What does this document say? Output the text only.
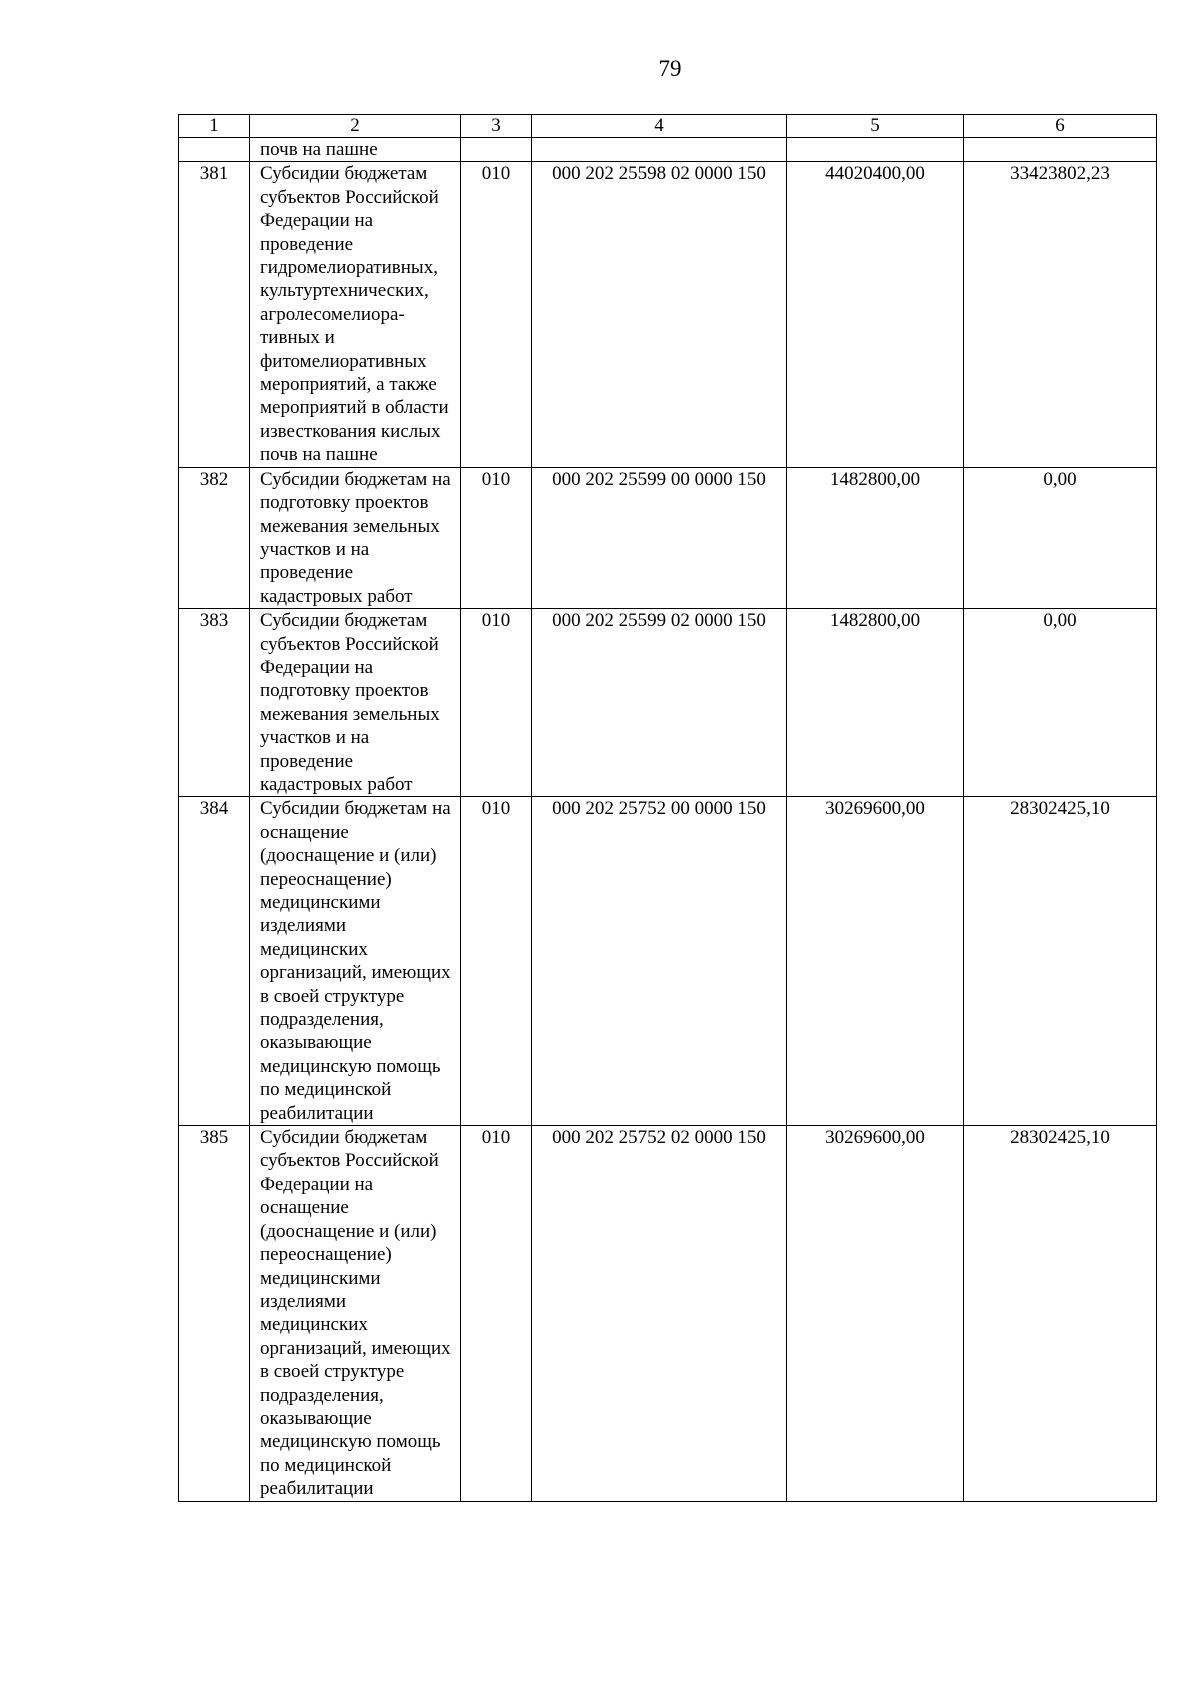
79
1	2	3	4	5	6
	почв на пашне				
381	Субсидии бюджетам субъектов Российской Федерации на проведение гидромелиоративных, культуртехнических, агролесомелиора-тивных и фитомелиоративных мероприятий, а также мероприятий в области известкования кислых почв на пашне	010	000 202 25598 02 0000 150	44020400,00	33423802,23
382	Субсидии бюджетам на подготовку проектов межевания земельных участков и на проведение кадастровых работ	010	000 202 25599 00 0000 150	1482800,00	0,00
383	Субсидии бюджетам субъектов Российской Федерации на подготовку проектов межевания земельных участков и на проведение кадастровых работ	010	000 202 25599 02 0000 150	1482800,00	0,00
384	Субсидии бюджетам на оснащение (дооснащение и (или) переоснащение) медицинскими изделиями медицинских организаций, имеющих в своей структуре подразделения, оказывающие медицинскую помощь по медицинской реабилитации	010	000 202 25752 00 0000 150	30269600,00	28302425,10
385	Субсидии бюджетам субъектов Российской Федерации на оснащение (дооснащение и (или) переоснащение) медицинскими изделиями медицинских организаций, имеющих в своей структуре подразделения, оказывающие медицинскую помощь по медицинской реабилитации	010	000 202 25752 02 0000 150	30269600,00	28302425,10
